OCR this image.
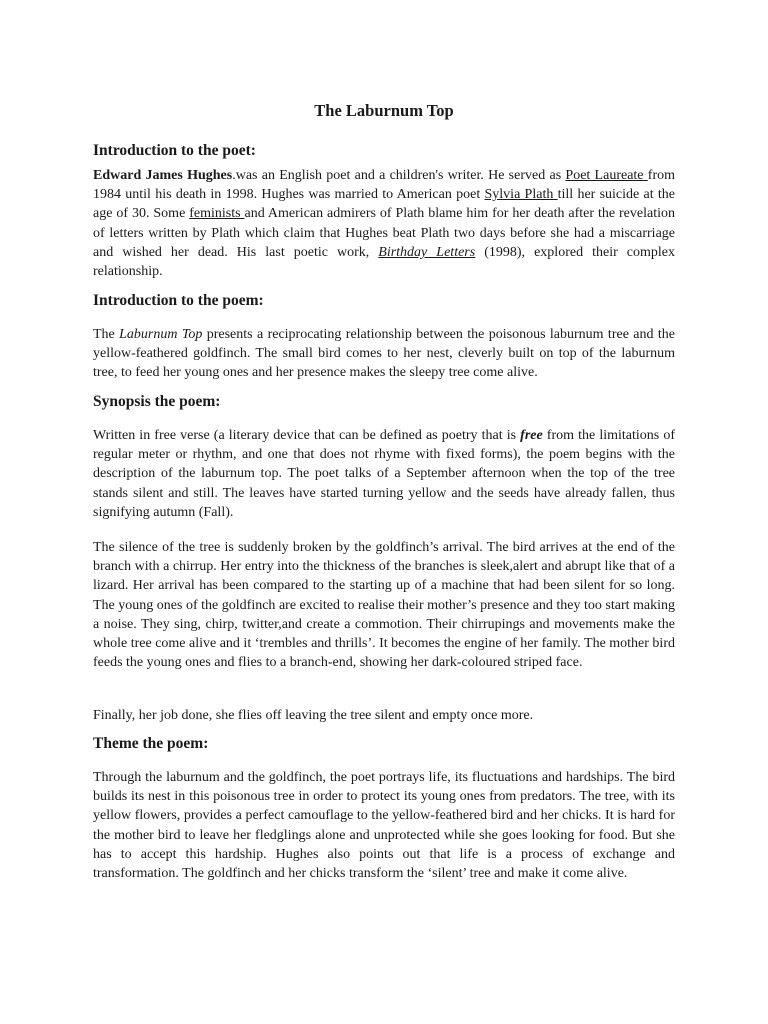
The Laburnum Top
Introduction to the poet:
Edward James Hughes.was an English poet and a children's writer. He served as Poet Laureate from 1984 until his death in 1998. Hughes was married to American poet Sylvia Plath till her suicide at the age of 30. Some feminists and American admirers of Plath blame him for her death after the revelation of letters written by Plath which claim that Hughes beat Plath two days before she had a miscarriage and wished her dead. His last poetic work, Birthday Letters (1998), explored their complex relationship.
Introduction to the poem:
The Laburnum Top presents a reciprocating relationship between the poisonous laburnum tree and the yellow-feathered goldfinch. The small bird comes to her nest, cleverly built on top of the laburnum tree, to feed her young ones and her presence makes the sleepy tree come alive.
Synopsis the poem:
Written in free verse (a literary device that can be defined as poetry that is free from the limitations of regular meter or rhythm, and one that does not rhyme with fixed forms), the poem begins with the description of the laburnum top. The poet talks of a September afternoon when the top of the tree stands silent and still. The leaves have started turning yellow and the seeds have already fallen, thus signifying autumn (Fall).
The silence of the tree is suddenly broken by the goldfinch’s arrival. The bird arrives at the end of the branch with a chirrup. Her entry into the thickness of the branches is sleek,alert and abrupt like that of a lizard. Her arrival has been compared to the starting up of a machine that had been silent for so long. The young ones of the goldfinch are excited to realise their mother’s presence and they too start making a noise. They sing, chirp, twitter,and create a commotion. Their chirrupings and movements make the whole tree come alive and it ‘trembles and thrills’. It becomes the engine of her family. The mother bird feeds the young ones and flies to a branch-end, showing her dark-coloured striped face.
Finally, her job done, she flies off leaving the tree silent and empty once more.
Theme the poem:
Through the laburnum and the goldfinch, the poet portrays life, its fluctuations and hardships. The bird builds its nest in this poisonous tree in order to protect its young ones from predators. The tree, with its yellow flowers, provides a perfect camouflage to the yellow-feathered bird and her chicks. It is hard for the mother bird to leave her fledglings alone and unprotected while she goes looking for food. But she has to accept this hardship. Hughes also points out that life is a process of exchange and transformation. The goldfinch and her chicks transform the ‘silent’ tree and make it come alive.
